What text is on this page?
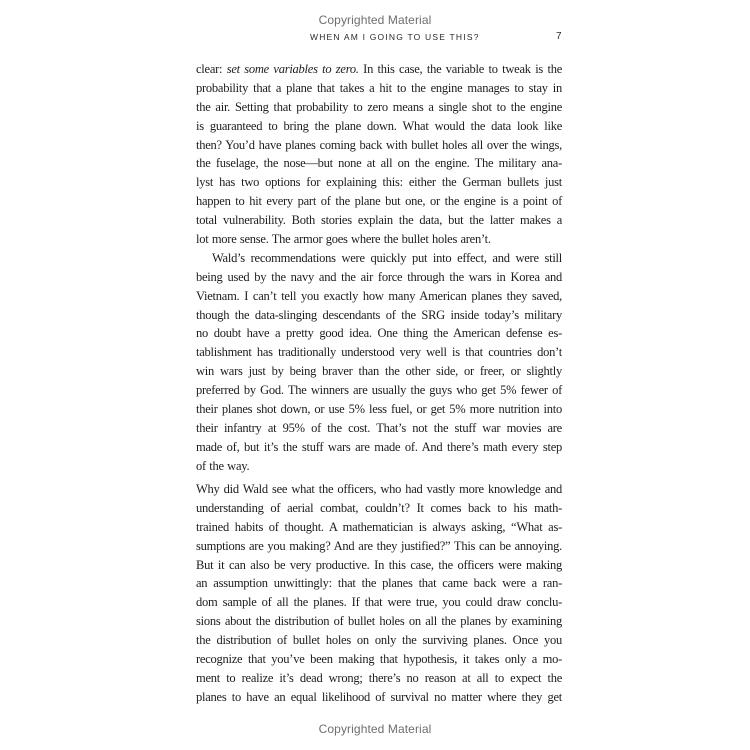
Copyrighted Material
WHEN AM I GOING TO USE THIS?	7
clear: set some variables to zero. In this case, the variable to tweak is the
probability that a plane that takes a hit to the engine manages to stay in
the air. Setting that probability to zero means a single shot to the engine
is guaranteed to bring the plane down. What would the data look like
then? You’d have planes coming back with bullet holes all over the wings,
the fuselage, the nose—but none at all on the engine. The military ana-
lyst has two options for explaining this: either the German bullets just
happen to hit every part of the plane but one, or the engine is a point of
total vulnerability. Both stories explain the data, but the latter makes a
lot more sense. The armor goes where the bullet holes aren’t.
Wald’s recommendations were quickly put into effect, and were still
being used by the navy and the air force through the wars in Korea and
Vietnam. I can’t tell you exactly how many American planes they saved,
though the data-slinging descendants of the SRG inside today’s military
no doubt have a pretty good idea. One thing the American defense es-
tablishment has traditionally understood very well is that countries don’t
win wars just by being braver than the other side, or freer, or slightly
preferred by God. The winners are usually the guys who get 5% fewer of
their planes shot down, or use 5% less fuel, or get 5% more nutrition into
their infantry at 95% of the cost. That’s not the stuff war movies are
made of, but it’s the stuff wars are made of. And there’s math every step
of the way.
Why did Wald see what the officers, who had vastly more knowledge and
understanding of aerial combat, couldn’t? It comes back to his math-
trained habits of thought. A mathematician is always asking, “What as-
sumptions are you making? And are they justified?” This can be annoying.
But it can also be very productive. In this case, the officers were making
an assumption unwittingly: that the planes that came back were a ran-
dom sample of all the planes. If that were true, you could draw conclu-
sions about the distribution of bullet holes on all the planes by examining
the distribution of bullet holes on only the surviving planes. Once you
recognize that you’ve been making that hypothesis, it takes only a mo-
ment to realize it’s dead wrong; there’s no reason at all to expect the
planes to have an equal likelihood of survival no matter where they get
Copyrighted Material
